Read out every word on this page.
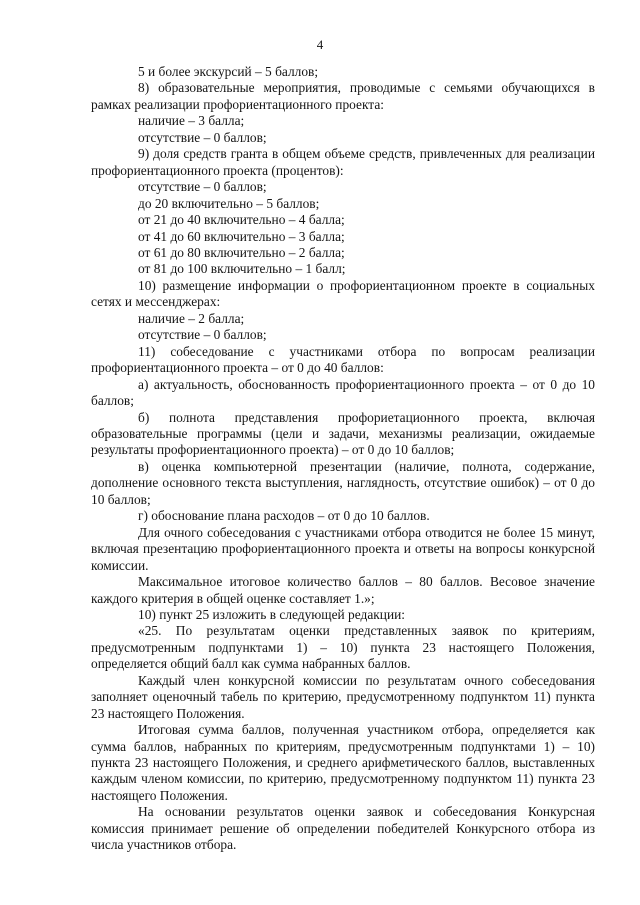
4

5 и более экскурсий – 5 баллов;

8) образовательные мероприятия, проводимые с семьями обучающихся в рамках реализации профориентационного проекта:

наличие – 3 балла;

отсутствие – 0 баллов;

9) доля средств гранта в общем объеме средств, привлеченных для реализации профориентационного проекта (процентов):

отсутствие – 0 баллов;

до 20 включительно – 5 баллов;

от 21 до 40 включительно – 4 балла;

от 41 до 60 включительно – 3 балла;

от 61 до 80 включительно – 2 балла;

от 81 до 100 включительно – 1 балл;

10) размещение информации о профориентационном проекте в социальных сетях и мессенджерах:

наличие – 2 балла;

отсутствие – 0 баллов;

11) собеседование с участниками отбора по вопросам реализации профориентационного проекта – от 0 до 40 баллов:

а) актуальность, обоснованность профориентационного проекта – от 0 до 10 баллов;

б) полнота представления профориетационного проекта, включая образовательные программы (цели и задачи, механизмы реализации, ожидаемые результаты профориентационного проекта) – от 0 до 10 баллов;

в) оценка компьютерной презентации (наличие, полнота, содержание, дополнение основного текста выступления, наглядность, отсутствие ошибок) – от 0 до 10 баллов;

г) обоснование плана расходов – от 0 до 10 баллов.

Для очного собеседования с участниками отбора отводится не более 15 минут, включая презентацию профориентационного проекта и ответы на вопросы конкурсной комиссии.

Максимальное итоговое количество баллов – 80 баллов. Весовое значение каждого критерия в общей оценке составляет 1.»;

10) пункт 25 изложить в следующей редакции:

«25. По результатам оценки представленных заявок по критериям, предусмотренным подпунктами 1) – 10) пункта 23 настоящего Положения, определяется общий балл как сумма набранных баллов.

Каждый член конкурсной комиссии по результатам очного собеседования заполняет оценочный табель по критерию, предусмотренному подпунктом 11) пункта 23 настоящего Положения.

Итоговая сумма баллов, полученная участником отбора, определяется как сумма баллов, набранных по критериям, предусмотренным подпунктами 1) – 10) пункта 23 настоящего Положения, и среднего арифметического баллов, выставленных каждым членом комиссии, по критерию, предусмотренному подпунктом 11) пункта 23 настоящего Положения.

На основании результатов оценки заявок и собеседования Конкурсная комиссия принимает решение об определении победителей Конкурсного отбора из числа участников отбора.
